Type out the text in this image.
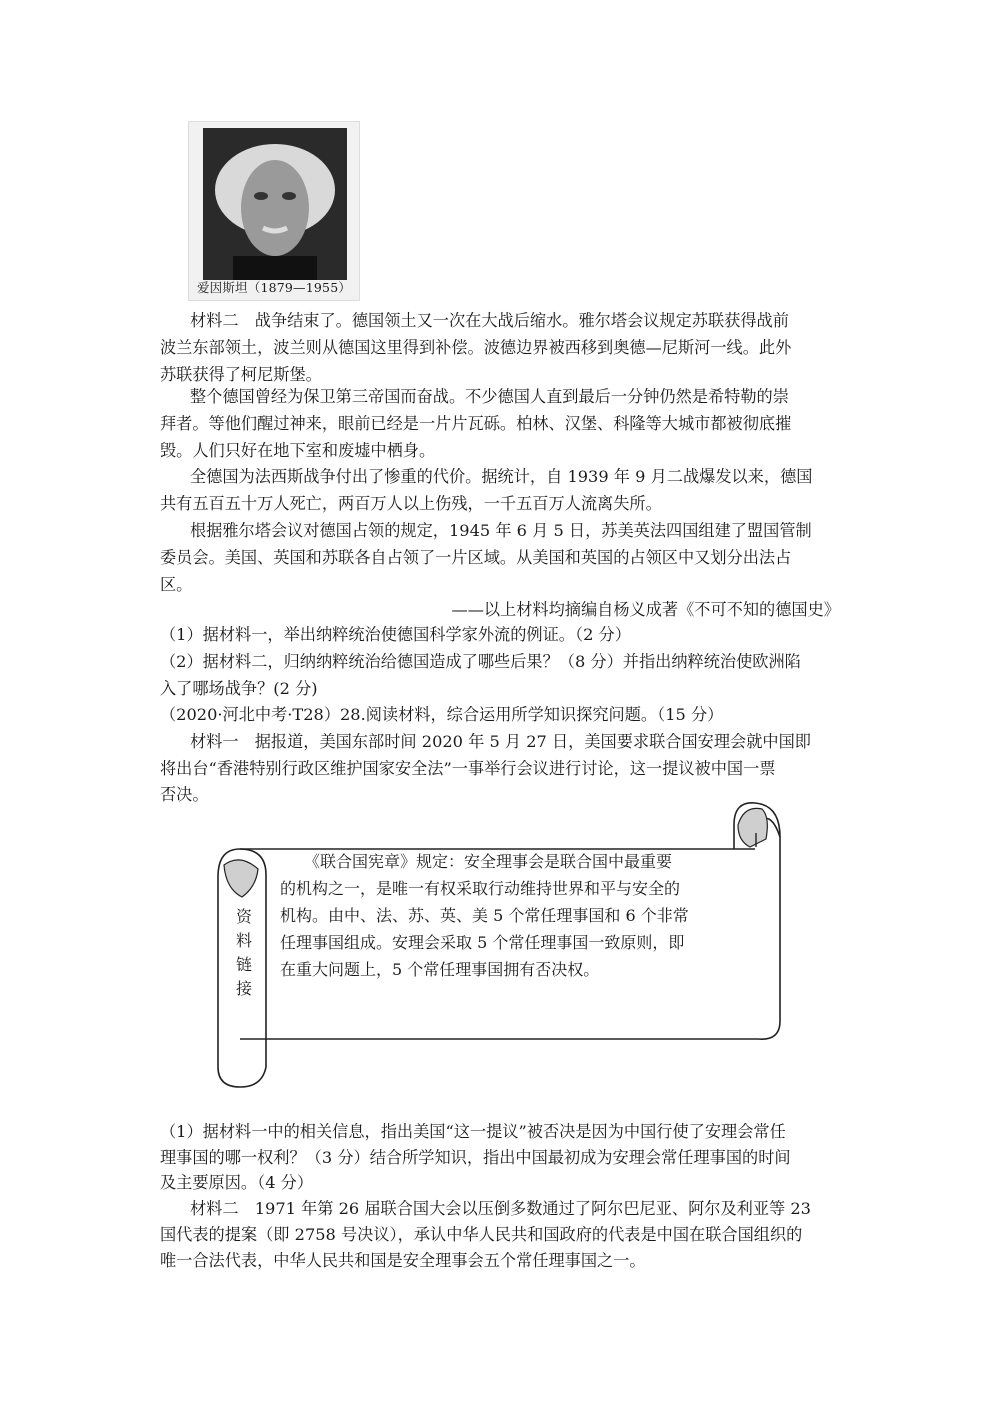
爱因斯坦（1879—1955）
材料二　战争结束了。德国领土又一次在大战后缩水。雅尔塔会议规定苏联获得战前
波兰东部领土，波兰则从德国这里得到补偿。波德边界被西移到奥德—尼斯河一线。此外
苏联获得了柯尼斯堡。
整个德国曾经为保卫第三帝国而奋战。不少德国人直到最后一分钟仍然是希特勒的崇
拜者。等他们醒过神来，眼前已经是一片片瓦砾。柏林、汉堡、科隆等大城市都被彻底摧
毁。人们只好在地下室和废墟中栖身。
全德国为法西斯战争付出了惨重的代价。据统计，自 1939 年 9 月二战爆发以来，德国
共有五百五十万人死亡，两百万人以上伤残，一千五百万人流离失所。
根据雅尔塔会议对德国占领的规定，1945 年 6 月 5 日，苏美英法四国组建了盟国管制
委员会。美国、英国和苏联各自占领了一片区域。从美国和英国的占领区中又划分出法占
区。
——以上材料均摘编自杨义成著《不可不知的德国史》
（1）据材料一，举出纳粹统治使德国科学家外流的例证。（2 分）
（2）据材料二，归纳纳粹统治给德国造成了哪些后果？（8 分）并指出纳粹统治使欧洲陷
入了哪场战争？(2 分)
（2020·河北中考·T28）28.阅读材料，综合运用所学知识探究问题。（15 分）
材料一　据报道，美国东部时间 2020 年 5 月 27 日，美国要求联合国安理会就中国即
将出台“香港特别行政区维护国家安全法”一事举行会议进行讨论，这一提议被中国一票
否决。
资
料
链
接
　　《联合国宪章》规定：安全理事会是联合国中最重要
的机构之一，是唯一有权采取行动维持世界和平与安全的
机构。由中、法、苏、英、美 5 个常任理事国和 6 个非常
任理事国组成。安理会采取 5 个常任理事国一致原则，即
在重大问题上，5 个常任理事国拥有否决权。
（1）据材料一中的相关信息，指出美国“这一提议”被否决是因为中国行使了安理会常任
理事国的哪一权利？（3 分）结合所学知识，指出中国最初成为安理会常任理事国的时间
及主要原因。（4 分）
材料二　1971 年第 26 届联合国大会以压倒多数通过了阿尔巴尼亚、阿尔及利亚等 23
国代表的提案（即 2758 号决议），承认中华人民共和国政府的代表是中国在联合国组织的
唯一合法代表，中华人民共和国是安全理事会五个常任理事国之一。
